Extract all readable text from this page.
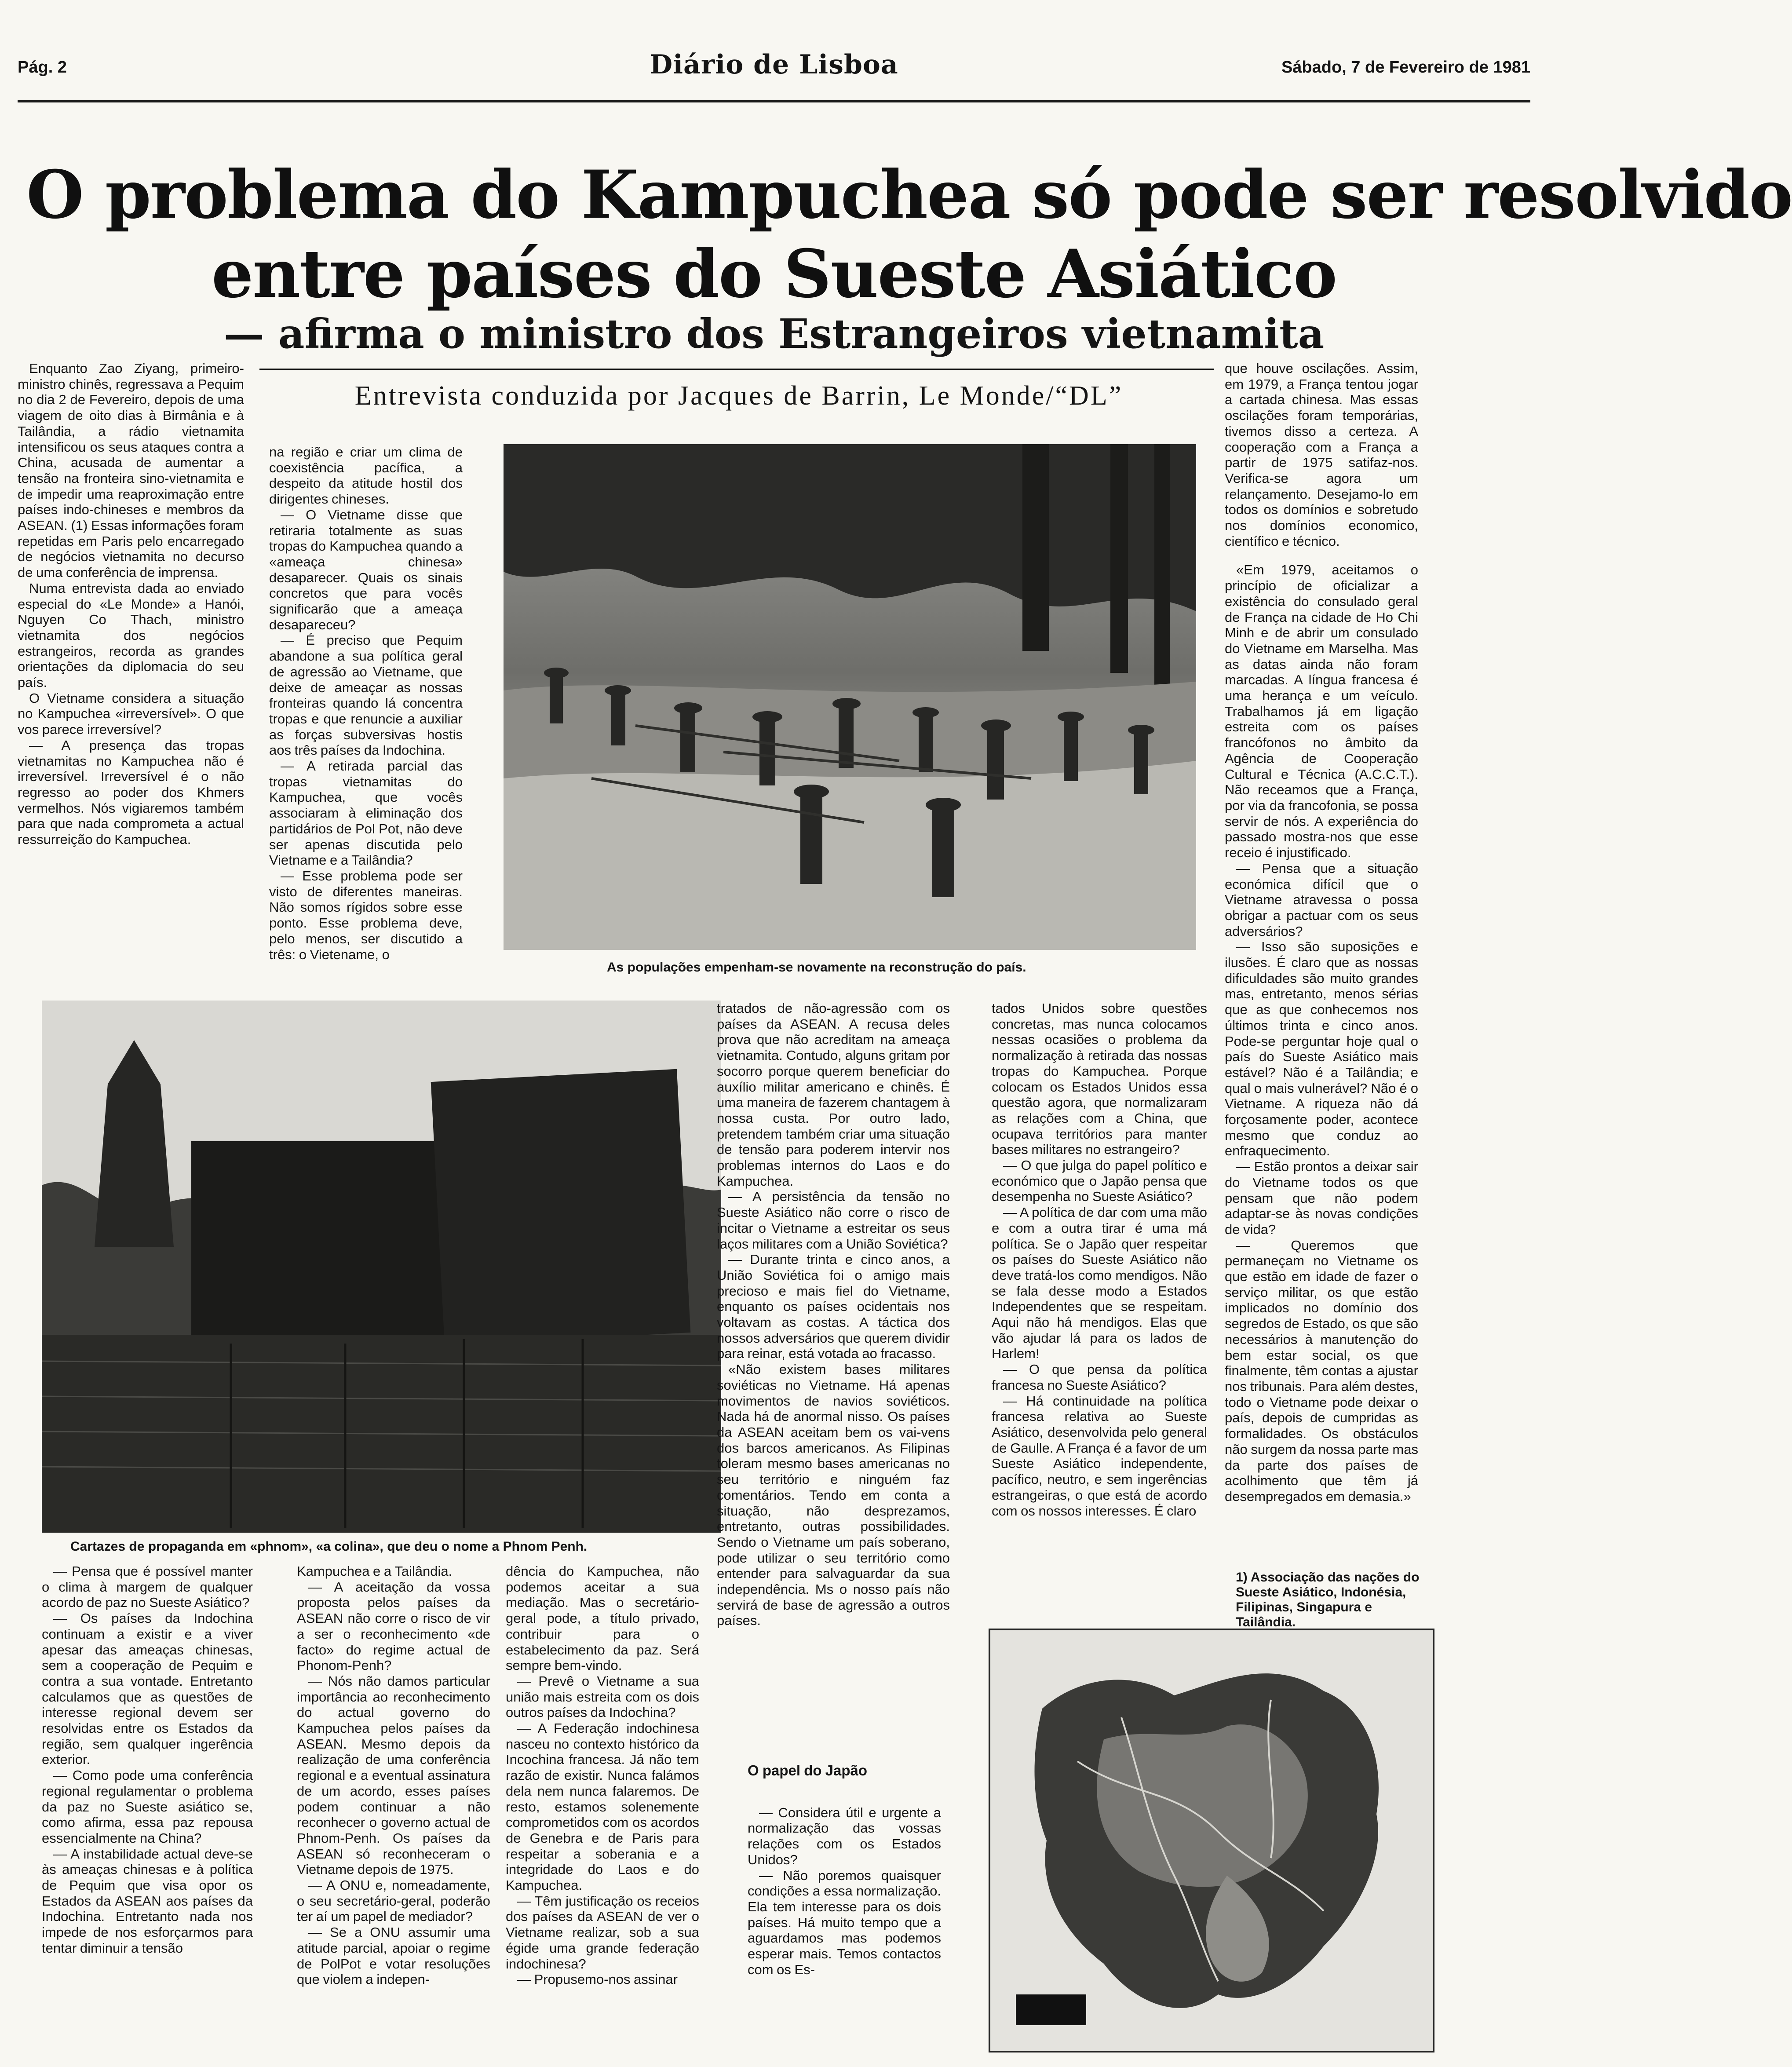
Pág. 2	Diário de Lisboa	Sábado, 7 de Fevereiro de 1981
O problema do Kampuchea só pode ser resolvido
entre países do Sueste Asiático
— afirma o ministro dos Estrangeiros vietnamita
Entrevista conduzida por Jacques de Barrin, Le Monde/“DL”

Enquanto Zao Ziyang, primeiro-ministro chinês, regressava a Pequim no dia 2 de Fevereiro, depois de uma viagem de oito dias à Birmânia e à Tailândia, a rádio vietnamita intensificou os seus ataques contra a China, acusada de aumentar a tensão na fronteira sino-vietnamita e de impedir uma reaproximação entre países indo-chineses e membros da ASEAN. (1) Essas informações foram repetidas em Paris pelo encarregado de negócios vietnamita no decurso de uma conferência de imprensa.

Numa entrevista dada ao enviado especial do «Le Monde» a Hanói, Nguyen Co Thach, ministro vietnamita dos negócios estrangeiros, recorda as grandes orientações da diplomacia do seu país.

O Vietname considera a situação no Kampuchea «irreversível». O que vos parece irreversível?

— A presença das tropas vietnamitas no Kampuchea não é irreversível. Irreversível é o não regresso ao poder dos Khmers vermelhos. Nós vigiaremos também para que nada comprometa a actual ressurreição do Kampuchea.

na região e criar um clima de coexistência pacífica, a despeito da atitude hostil dos dirigentes chineses.

— O Vietname disse que retiraria totalmente as suas tropas do Kampuchea quando a «ameaça chinesa» desaparecer. Quais os sinais concretos que para vocês significarão que a ameaça desapareceu?

— É preciso que Pequim abandone a sua política geral de agressão ao Vietname, que deixe de ameaçar as nossas fronteiras quando lá concentra tropas e que renuncie a auxiliar as forças subversivas hostis aos três países da Indochina.

— A retirada parcial das tropas vietnamitas do Kampuchea, que vocês associaram à eliminação dos partidários de Pol Pot, não deve ser apenas discutida pelo Vietname e a Tailândia?

— Esse problema pode ser visto de diferentes maneiras. Não somos rígidos sobre esse ponto. Esse problema deve, pelo menos, ser discutido a três: o Vietename, o

As populações empenham-se novamente na reconstrução do país.

que houve oscilações. Assim, em 1979, a França tentou jogar a cartada chinesa. Mas essas oscilações foram temporárias, tivemos disso a certeza. A cooperação com a França a partir de 1975 satifaz-nos. Verifica-se agora um relançamento. Desejamo-lo em todos os domínios e sobretudo nos domínios economico, científico e técnico.

«Em 1979, aceitamos o princípio de oficializar a existência do consulado geral de França na cidade de Ho Chi Minh e de abrir um consulado do Vietname em Marselha. Mas as datas ainda não foram marcadas. A língua francesa é uma herança e um veículo. Trabalhamos já em ligação estreita com os países francófonos no âmbito da Agência de Cooperação Cultural e Técnica (A.C.C.T.). Não receamos que a França, por via da francofonia, se possa servir de nós. A experiência do passado mostra-nos que esse receio é injustificado.

— Pensa que a situação económica difícil que o Vietname atravessa o possa obrigar a pactuar com os seus adversários?

— Isso são suposições e ilusões. É claro que as nossas dificuldades são muito grandes mas, entretanto, menos sérias que as que conhecemos nos últimos trinta e cinco anos. Pode-se perguntar hoje qual o país do Sueste Asiático mais estável? Não é a Tailândia; e qual o mais vulnerável? Não é o Vietname. A riqueza não dá forçosamente poder, acontece mesmo que conduz ao enfraquecimento.

— Estão prontos a deixar sair do Vietname todos os que pensam que não podem adaptar-se às novas condições de vida?

— Queremos que permaneçam no Vietname os que estão em idade de fazer o serviço militar, os que estão implicados no domínio dos segredos de Estado, os que são necessários à manutenção do bem estar social, os que finalmente, têm contas a ajustar nos tribunais. Para além destes, todo o Vietname pode deixar o país, depois de cumpridas as formalidades. Os obstáculos não surgem da nossa parte mas da parte dos países de acolhimento que têm já desempregados em demasia.»

Cartazes de propaganda em «phnom», «a colina», que deu o nome a Phnom Penh.

tratados de não-agressão com os países da ASEAN. A recusa deles prova que não acreditam na ameaça vietnamita. Contudo, alguns gritam por socorro porque querem beneficiar do auxílio militar americano e chinês. É uma maneira de fazerem chantagem à nossa custa. Por outro lado, pretendem também criar uma situação de tensão para poderem intervir nos problemas internos do Laos e do Kampuchea.

— A persistência da tensão no Sueste Asiático não corre o risco de incitar o Vietname a estreitar os seus laços militares com a União Soviética?

— Durante trinta e cinco anos, a União Soviética foi o amigo mais precioso e mais fiel do Vietname, enquanto os países ocidentais nos voltavam as costas. A táctica dos nossos adversários que querem dividir para reinar, está votada ao fracasso.

«Não existem bases militares soviéticas no Vietname. Há apenas movimentos de navios soviéticos. Nada há de anormal nisso. Os países da ASEAN aceitam bem os vai-vens dos barcos americanos. As Filipinas toleram mesmo bases americanas no seu território e ninguém faz comentários. Tendo em conta a situação, não desprezamos, entretanto, outras possibilidades. Sendo o Vietname um país soberano, pode utilizar o seu território como entender para salvaguardar da sua independência. Ms o nosso país não servirá de base de agressão a outros países.

tados Unidos sobre questões concretas, mas nunca colocamos nessas ocasiões o problema da normalização à retirada das nossas tropas do Kampuchea. Porque colocam os Estados Unidos essa questão agora, que normalizaram as relações com a China, que ocupava territórios para manter bases militares no estrangeiro?

— O que julga do papel político e económico que o Japão pensa que desempenha no Sueste Asiático?

— A política de dar com uma mão e com a outra tirar é uma má política. Se o Japão quer respeitar os países do Sueste Asiático não deve tratá-los como mendigos. Não se fala desse modo a Estados Independentes que se respeitam. Aqui não há mendigos. Elas que vão ajudar lá para os lados de Harlem!

— O que pensa da política francesa no Sueste Asiático?

— Há continuidade na política francesa relativa ao Sueste Asiático, desenvolvida pelo general de Gaulle. A França é a favor de um Sueste Asiático independente, pacífico, neutro, e sem ingerências estrangeiras, o que está de acordo com os nossos interesses. É claro

— Pensa que é possível manter o clima à margem de qualquer acordo de paz no Sueste Asiático?

— Os países da Indochina continuam a existir e a viver apesar das ameaças chinesas, sem a cooperação de Pequim e contra a sua vontade. Entretanto calculamos que as questões de interesse regional devem ser resolvidas entre os Estados da região, sem qualquer ingerência exterior.

— Como pode uma conferência regional regulamentar o problema da paz no Sueste asiático se, como afirma, essa paz repousa essencialmente na China?

— A instabilidade actual deve-se às ameaças chinesas e à política de Pequim que visa opor os Estados da ASEAN aos países da Indochina. Entretanto nada nos impede de nos esforçarmos para tentar diminuir a tensão

Kampuchea e a Tailândia.

— A aceitação da vossa proposta pelos países da ASEAN não corre o risco de vir a ser o reconhecimento «de facto» do regime actual de Phonom-Penh?

— Nós não damos particular importância ao reconhecimento do actual governo do Kampuchea pelos países da ASEAN. Mesmo depois da realização de uma conferência regional e a eventual assinatura de um acordo, esses países podem continuar a não reconhecer o governo actual de Phnom-Penh. Os países da ASEAN só reconheceram o Vietname depois de 1975.

— A ONU e, nomeadamente, o seu secretário-geral, poderão ter aí um papel de mediador?

— Se a ONU assumir uma atitude parcial, apoiar o regime de PolPot e votar resoluções que violem a indepen-

dência do Kampuchea, não podemos aceitar a sua mediação. Mas o secretário-geral pode, a título privado, contribuir para o estabelecimento da paz. Será sempre bem-vindo.

— Prevê o Vietname a sua união mais estreita com os dois outros países da Indochina?

— A Federação indochinesa nasceu no contexto histórico da Incochina francesa. Já não tem razão de existir. Nunca falámos dela nem nunca falaremos. De resto, estamos solenemente comprometidos com os acordos de Genebra e de Paris para respeitar a soberania e a integridade do Laos e do Kampuchea.

— Têm justificação os receios dos países da ASEAN de ver o Vietname realizar, sob a sua égide uma grande federação indochinesa?

— Propusemo-nos assinar

O papel do Japão

— Considera útil e urgente a normalização das vossas relações com os Estados Unidos?

— Não poremos quaisquer condições a essa normalização. Ela tem interesse para os dois países. Há muito tempo que a aguardamos mas podemos esperar mais. Temos contactos com os Es-

1) Associação das nações do Sueste Asiático, Indonésia, Filipinas, Singapura e Tailândia.
